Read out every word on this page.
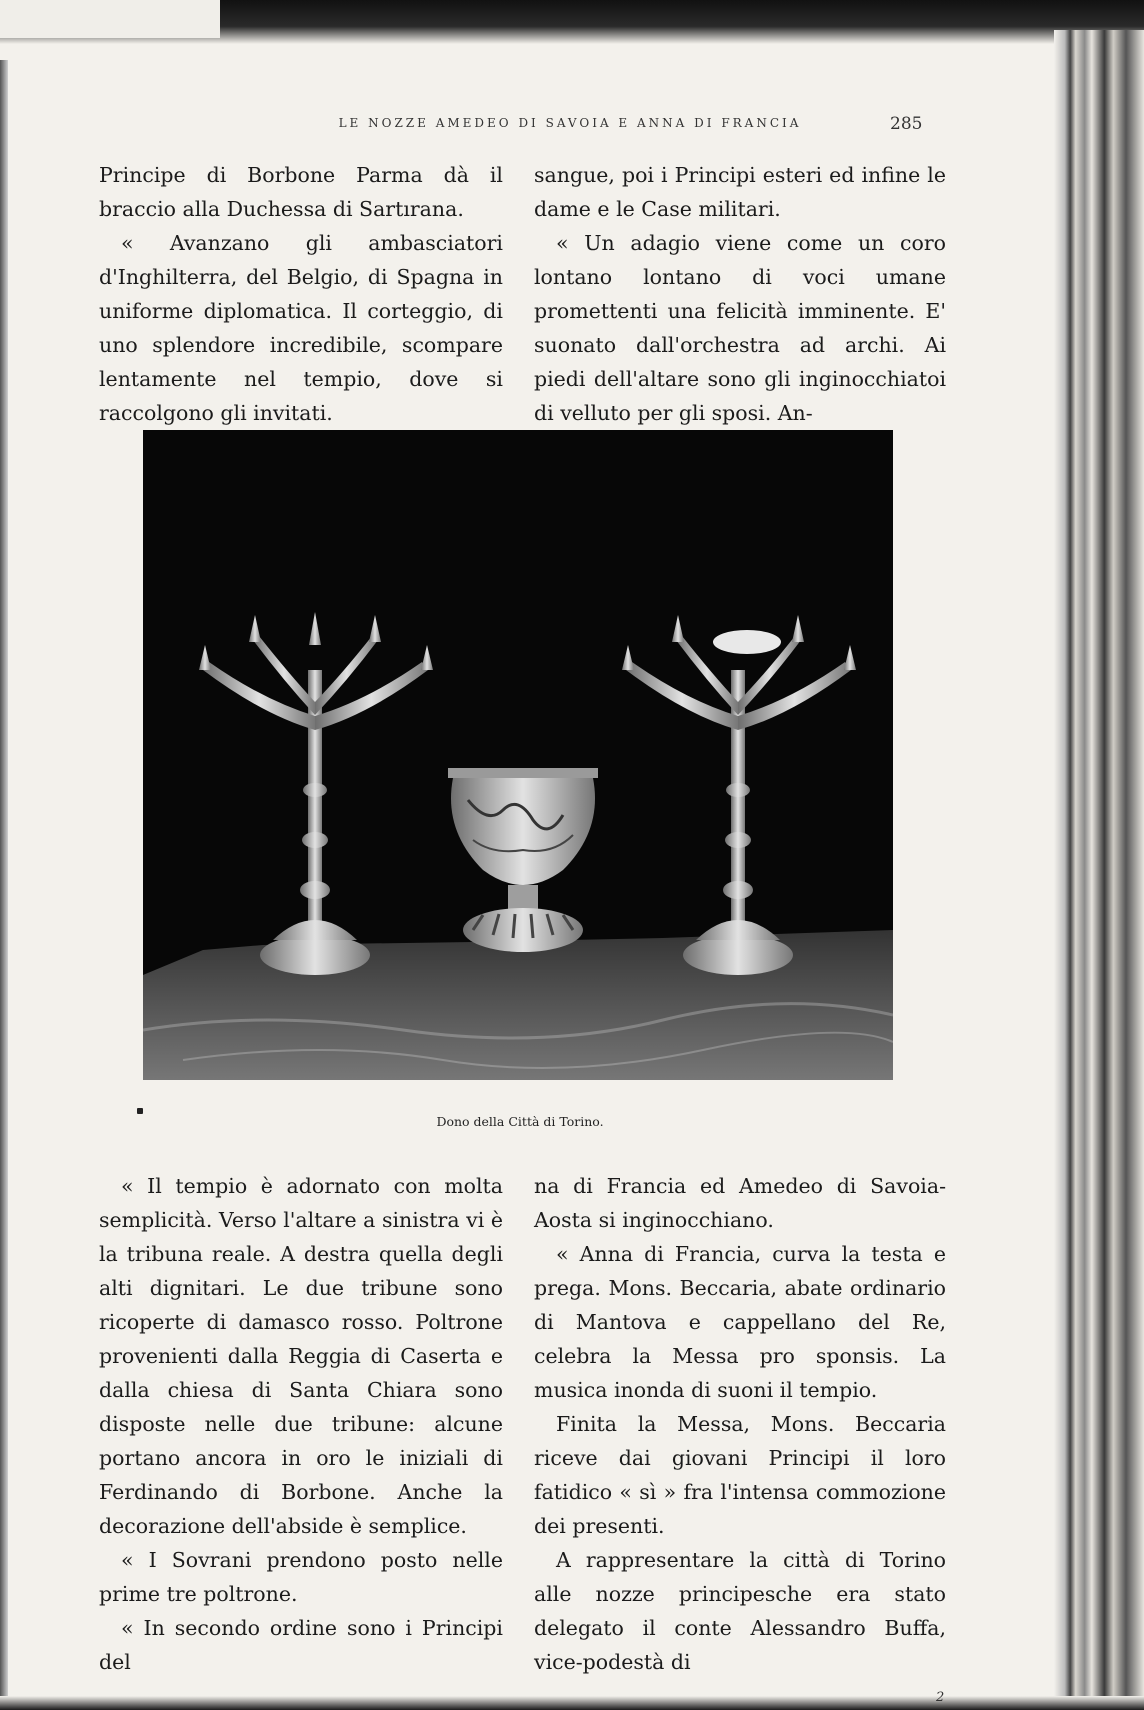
LE NOZZE AMEDEO DI SAVOIA E ANNA DI FRANCIA	285

Principe di Borbone Parma dà il braccio alla Duchessa di Sartırana.

« Avanzano gli ambasciatori d'Inghilterra, del Belgio, di Spagna in uniforme diplomatica. Il corteggio, di uno splendore incredibile, scompare lentamente nel tempio, dove si raccolgono gli invitati.

sangue, poi i Principi esteri ed infine le dame e le Case militari.

« Un adagio viene come un coro lontano lontano di voci umane promettenti una felicità imminente. E' suonato dall'orchestra ad archi. Ai piedi dell'altare sono gli inginocchiatoi di velluto per gli sposi. An-

Dono della Città di Torino.

« Il tempio è adornato con molta semplicità. Verso l'altare a sinistra vi è la tribuna reale. A destra quella degli alti dignitari. Le due tribune sono ricoperte di damasco rosso. Poltrone provenienti dalla Reggia di Caserta e dalla chiesa di Santa Chiara sono disposte nelle due tribune: alcune portano ancora in oro le iniziali di Ferdinando di Borbone. Anche la decorazione dell'abside è semplice.

« I Sovrani prendono posto nelle prime tre poltrone.

« In secondo ordine sono i Principi del

na di Francia ed Amedeo di Savoia-Aosta si inginocchiano.

« Anna di Francia, curva la testa e prega. Mons. Beccaria, abate ordinario di Mantova e cappellano del Re, celebra la Messa pro sponsis. La musica inonda di suoni il tempio.

Finita la Messa, Mons. Beccaria riceve dai giovani Principi il loro fatidico « sì » fra l'intensa commozione dei presenti.

A rappresentare la città di Torino alle nozze principesche era stato delegato il conte Alessandro Buffa, vice-podestà di

2
